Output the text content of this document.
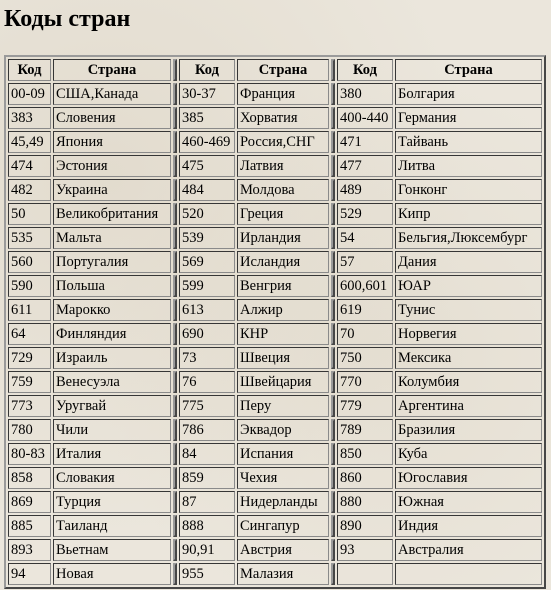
Коды стран
Код	Страна		Код	Страна		Код	Страна
00-09	США,Канада		30-37	Франция		380	Болгария
383	Словения		385	Хорватия		400-440	Германия
45,49	Япония		460-469	Россия,СНГ		471	Тайвань
474	Эстония		475	Латвия		477	Литва
482	Украина		484	Молдова		489	Гонконг
50	Великобритания		520	Греция		529	Кипр
535	Мальта		539	Ирландия		54	Бельгия,Люксембург
560	Португалия		569	Исландия		57	Дания
590	Польша		599	Венгрия		600,601	ЮАР
611	Марокко		613	Алжир		619	Тунис
64	Финляндия		690	КНР		70	Норвегия
729	Израиль		73	Швеция		750	Мексика
759	Венесуэла		76	Швейцария		770	Колумбия
773	Уругвай		775	Перу		779	Аргентина
780	Чили		786	Эквадор		789	Бразилия
80-83	Италия		84	Испания		850	Куба
858	Словакия		859	Чехия		860	Югославия
869	Турция		87	Нидерланды		880	Южная
885	Таиланд		888	Сингапур		890	Индия
893	Вьетнам		90,91	Австрия		93	Австралия
94	Новая		955	Малазия			
